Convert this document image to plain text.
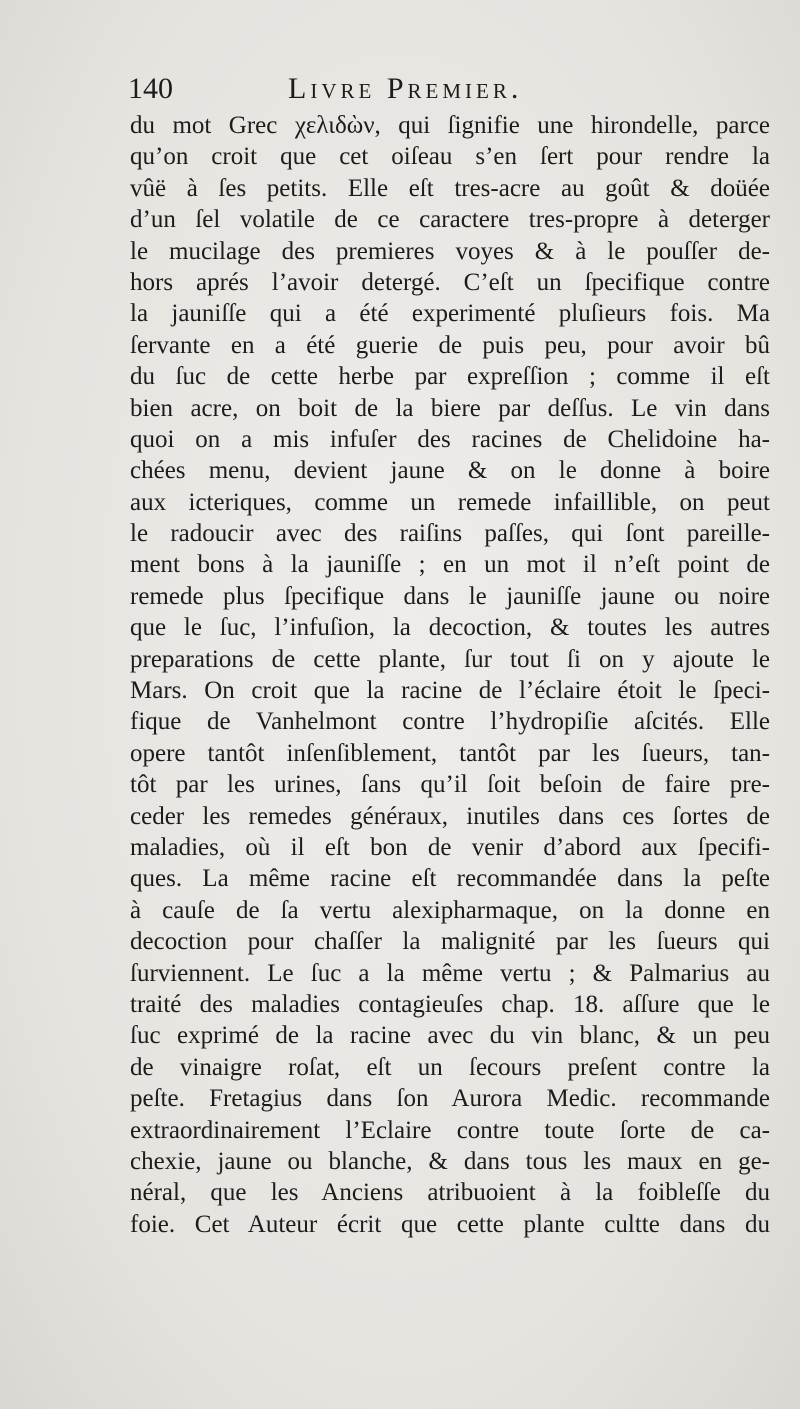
140	Livre Premier.
du mot Grec χελιδὼν, qui ſignifie une hirondelle, parce
qu’on croit que cet oiſeau s’en ſert pour rendre la
vûë à ſes petits. Elle eſt tres-acre au goût & doüée
d’un ſel volatile de ce caractere tres-propre à deterger
le mucilage des premieres voyes & à le pouſſer de-
hors aprés l’avoir detergé. C’eſt un ſpecifique contre
la jauniſſe qui a été experimenté pluſieurs fois. Ma
ſervante en a été guerie de puis peu, pour avoir bû
du ſuc de cette herbe par expreſſion ; comme il eſt
bien acre, on boit de la biere par deſſus. Le vin dans
quoi on a mis infuſer des racines de Chelidoine ha-
chées menu, devient jaune & on le donne à boire
aux icteriques, comme un remede infaillible, on peut
le radoucir avec des raiſins paſſes, qui ſont pareille-
ment bons à la jauniſſe ; en un mot il n’eſt point de
remede plus ſpecifique dans le jauniſſe jaune ou noire
que le ſuc, l’infuſion, la decoction, & toutes les autres
preparations de cette plante, ſur tout ſi on y ajoute le
Mars. On croit que la racine de l’éclaire étoit le ſpeci-
fique de Vanhelmont contre l’hydropiſie aſcités. Elle
opere tantôt inſenſiblement, tantôt par les ſueurs, tan-
tôt par les urines, ſans qu’il ſoit beſoin de faire pre-
ceder les remedes généraux, inutiles dans ces ſortes de
maladies, où il eſt bon de venir d’abord aux ſpecifi-
ques. La même racine eſt recommandée dans la peſte
à cauſe de ſa vertu alexipharmaque, on la donne en
decoction pour chaſſer la malignité par les ſueurs qui
ſurviennent. Le ſuc a la même vertu ; & Palmarius au
traité des maladies contagieuſes chap. 18. aſſure que le
ſuc exprimé de la racine avec du vin blanc, & un peu
de vinaigre roſat, eſt un ſecours preſent contre la
peſte. Fretagius dans ſon Aurora Medic. recommande
extraordinairement l’Eclaire contre toute ſorte de ca-
chexie, jaune ou blanche, & dans tous les maux en ge-
néral, que les Anciens atribuoient à la foibleſſe du
foie. Cet Auteur écrit que cette plante cultte dans du
